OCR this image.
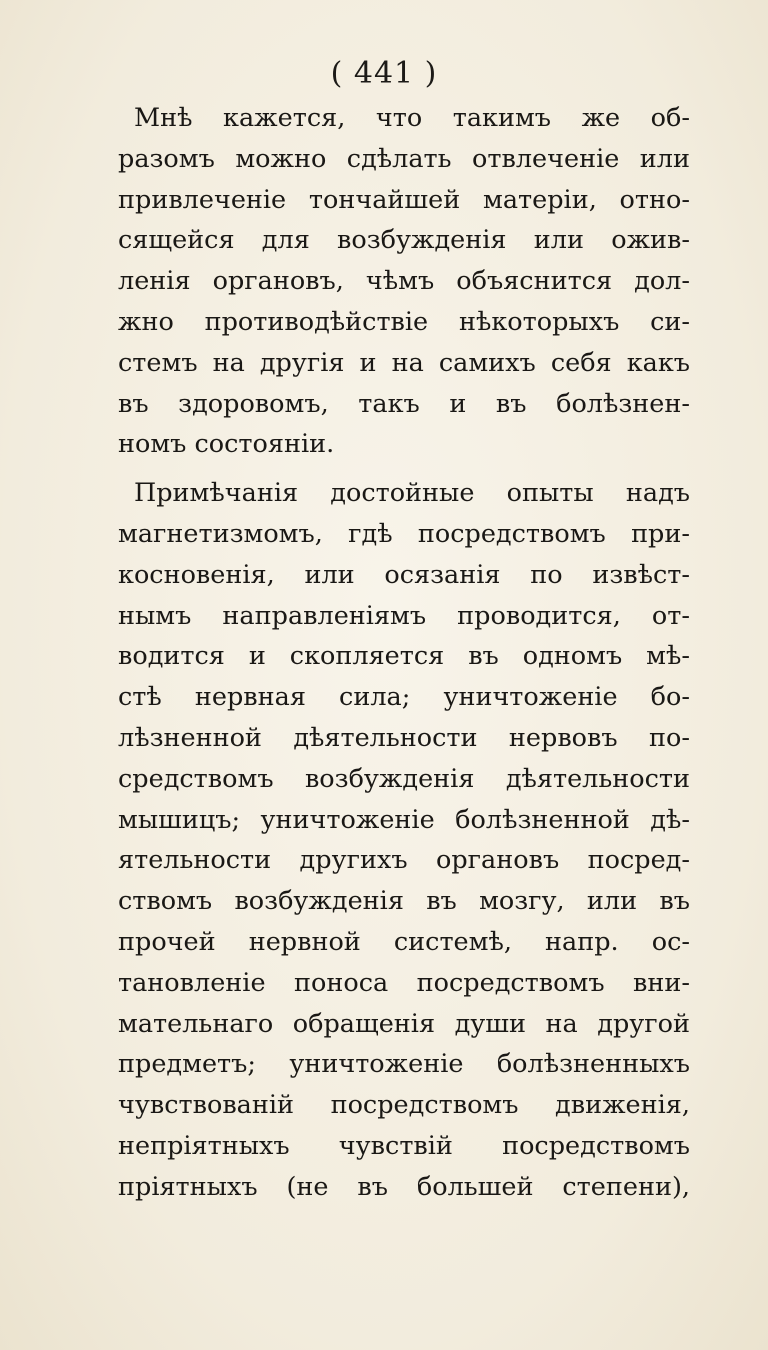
( 441 )
Мнѣ кажется, что такимъ же об-
разомъ можно сдѣлать отвлеченіе или
привлеченіе тончайшей матеріи, отно-
сящейся для возбужденія или ожив-
ленія органовъ, чѣмъ объяснится дол-
жно противодѣйствіе нѣкоторыхъ си-
стемъ на другія и на самихъ себя какъ
въ здоровомъ, такъ и въ болѣзнен-
номъ состояніи.
Примѣчанія достойные опыты надъ
магнетизмомъ, гдѣ посредствомъ при-
косновенія, или осязанія по извѣст-
нымъ направленіямъ проводится, от-
водится и скопляется въ одномъ мѣ-
стѣ нервная сила; уничтоженіе бо-
лѣзненной дѣятельности нервовъ по-
средствомъ возбужденія дѣятельности
мышицъ; уничтоженіе болѣзненной дѣ-
ятельности другихъ органовъ посред-
ствомъ возбужденія въ мозгу, или въ
прочей нервной системѣ, напр. ос-
тановленіе поноса посредствомъ вни-
мательнаго обращенія души на другой
предметъ; уничтоженіе болѣзненныхъ
чувствованій посредствомъ движенія,
непріятныхъ чувствій посредствомъ
пріятныхъ (не въ большей степени),
